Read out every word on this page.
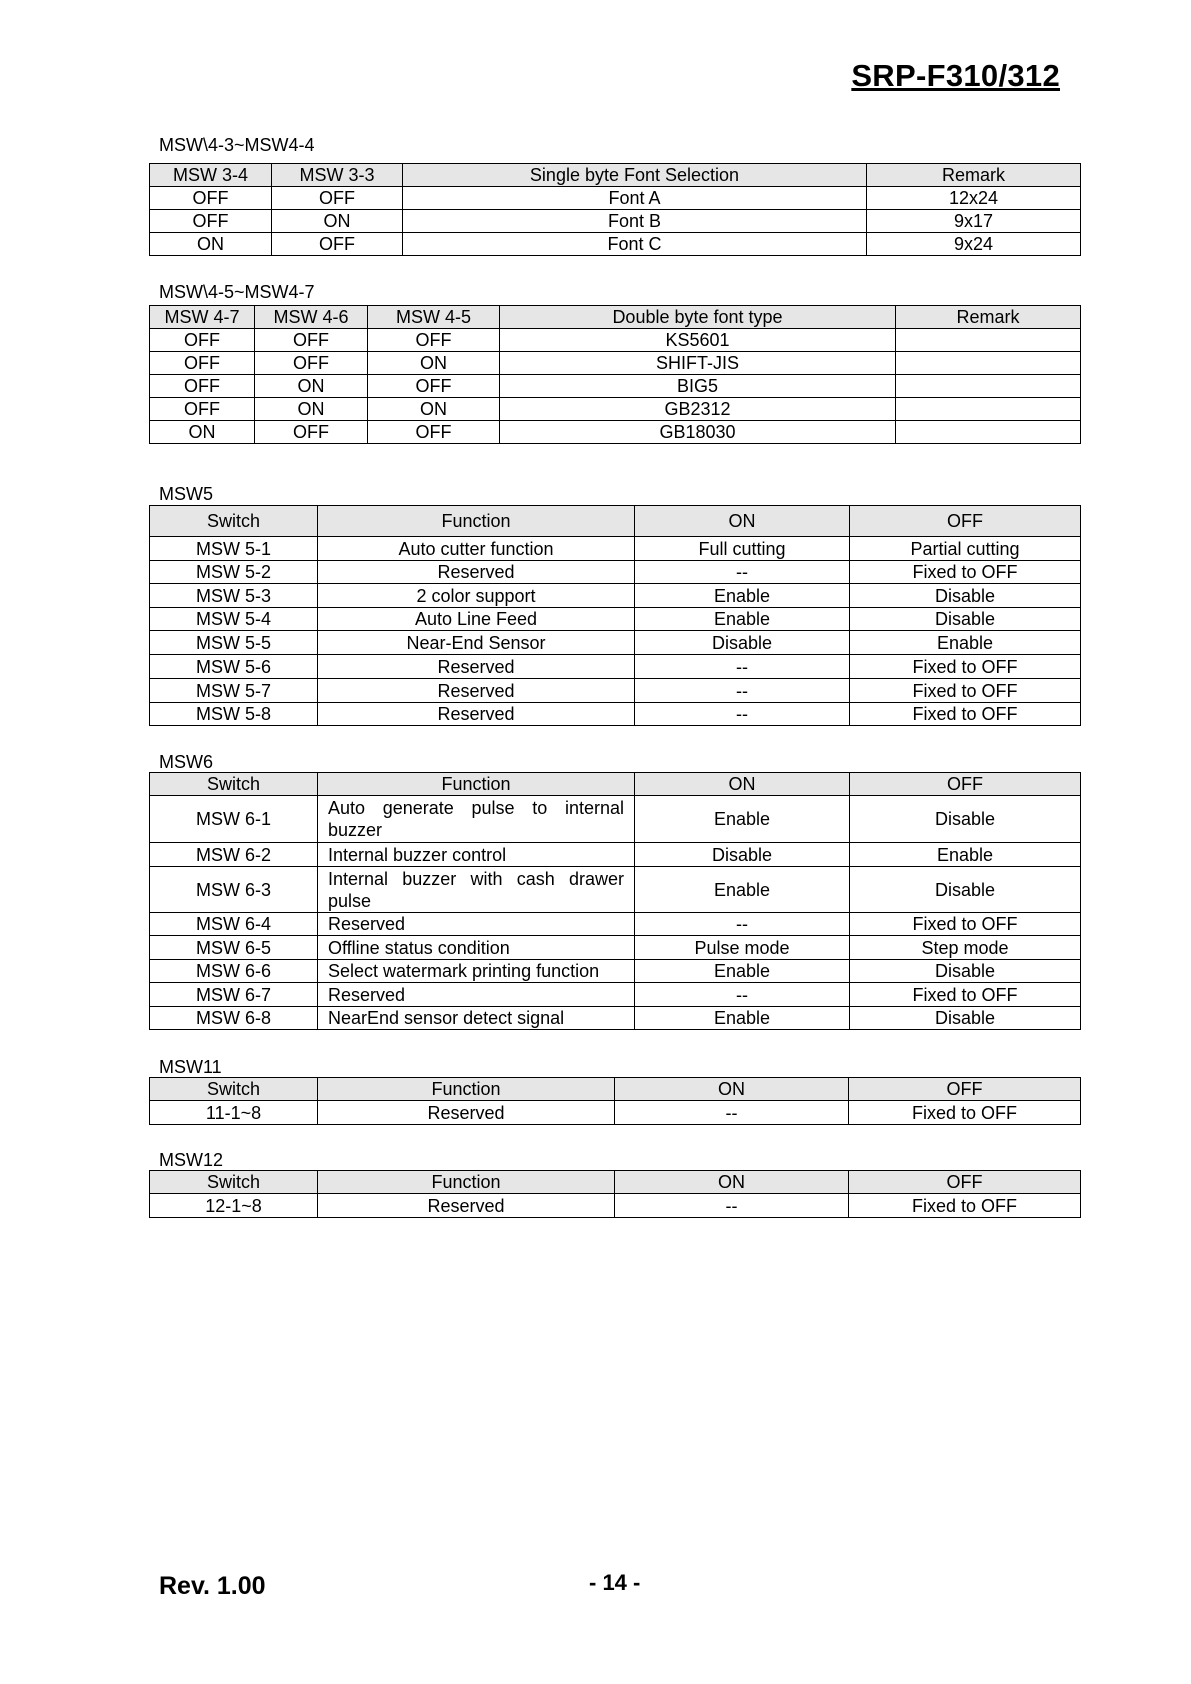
SRP-F310/312
MSW\4-3~MSW4-4
MSW 3-4	MSW 3-3	Single byte Font Selection	Remark
OFF	OFF	Font A	12x24
OFF	ON	Font B	9x17
ON	OFF	Font C	9x24
MSW\4-5~MSW4-7
MSW 4-7	MSW 4-6	MSW 4-5	Double byte font type	Remark
OFF	OFF	OFF	KS5601	
OFF	OFF	ON	SHIFT-JIS	
OFF	ON	OFF	BIG5	
OFF	ON	ON	GB2312	
ON	OFF	OFF	GB18030	
MSW5
Switch	Function	ON	OFF
MSW 5-1	Auto cutter function	Full cutting	Partial cutting
MSW 5-2	Reserved	--	Fixed to OFF
MSW 5-3	2 color support	Enable	Disable
MSW 5-4	Auto Line Feed	Enable	Disable
MSW 5-5	Near-End Sensor	Disable	Enable
MSW 5-6	Reserved	--	Fixed to OFF
MSW 5-7	Reserved	--	Fixed to OFF
MSW 5-8	Reserved	--	Fixed to OFF
MSW6
Switch	Function	ON	OFF
MSW 6-1	Auto generate pulse to internal buzzer	Enable	Disable
MSW 6-2	Internal buzzer control	Disable	Enable
MSW 6-3	Internal buzzer with cash drawer pulse	Enable	Disable
MSW 6-4	Reserved	--	Fixed to OFF
MSW 6-5	Offline status condition	Pulse mode	Step mode
MSW 6-6	Select watermark printing function	Enable	Disable
MSW 6-7	Reserved	--	Fixed to OFF
MSW 6-8	NearEnd sensor detect signal	Enable	Disable
MSW11
Switch	Function	ON	OFF
11-1~8	Reserved	--	Fixed to OFF
MSW12
Switch	Function	ON	OFF
12-1~8	Reserved	--	Fixed to OFF
Rev. 1.00	- 14 -
